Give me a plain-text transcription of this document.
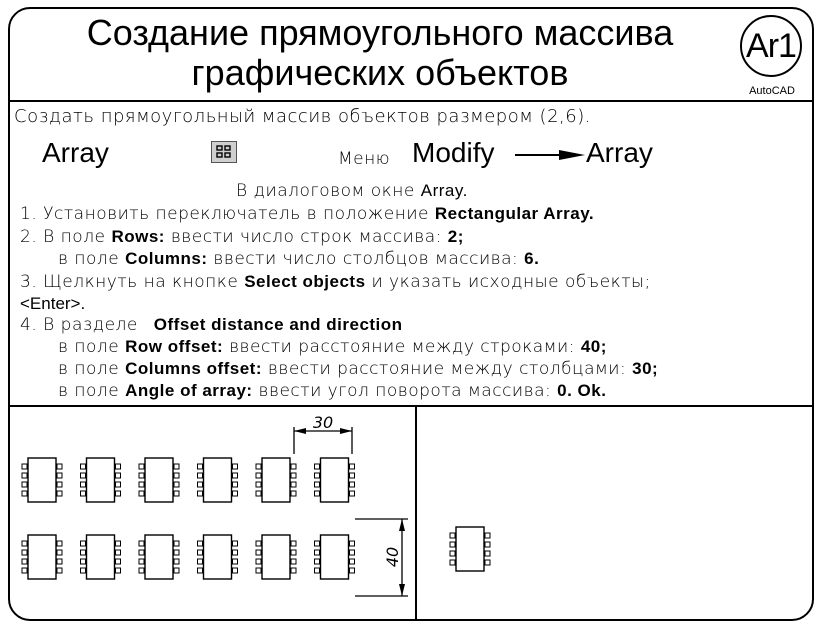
Создание прямоугольного массива
графических объектов
Ar1
AutoCAD
Создать прямоугольный массив объектов размером (2,6).
Array	Меню Modify	Array
В диалоговом окне Array.
1. Установить переключатель в положение Rectangular Array.
2. В поле Rows: ввести число строк массива: 2;
в поле Columns: ввести число столбцов массива: 6.
3. Щелкнуть на кнопке Select objects и указать исходные объекты;
<Enter>.
4. В разделе Offset distance and direction
в поле Row offset: ввести расстояние между строками: 40;
в поле Columns offset: ввести расстояние между столбцами: 30;
в поле Angle of array: ввести угол поворота массива: 0. Ok.
30
40
